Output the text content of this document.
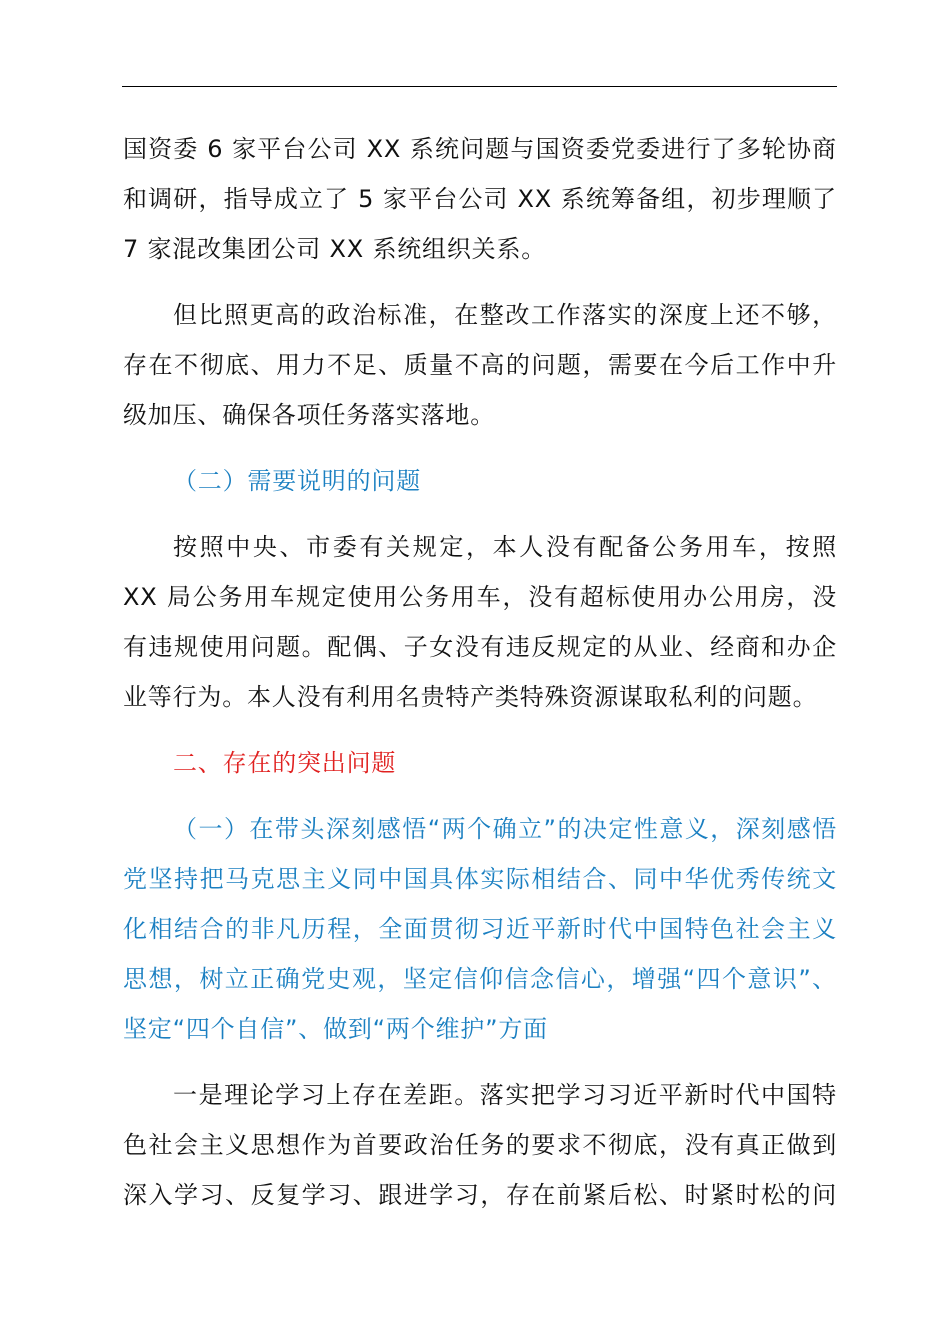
国资委 6 家平台公司 XX 系统问题与国资委党委进行了多轮协商
和调研，指导成立了 5 家平台公司 XX 系统筹备组，初步理顺了
7 家混改集团公司 XX 系统组织关系。
但比照更高的政治标准，在整改工作落实的深度上还不够，
存在不彻底、用力不足、质量不高的问题，需要在今后工作中升
级加压、确保各项任务落实落地。
（二）需要说明的问题
按照中央、市委有关规定，本人没有配备公务用车，按照
XX 局公务用车规定使用公务用车，没有超标使用办公用房，没
有违规使用问题。配偶、子女没有违反规定的从业、经商和办企
业等行为。本人没有利用名贵特产类特殊资源谋取私利的问题。
二、存在的突出问题
（一）在带头深刻感悟“两个确立”的决定性意义，深刻感悟
党坚持把马克思主义同中国具体实际相结合、同中华优秀传统文
化相结合的非凡历程，全面贯彻习近平新时代中国特色社会主义
思想，树立正确党史观，坚定信仰信念信心，增强“四个意识”、
坚定“四个自信”、做到“两个维护”方面
一是理论学习上存在差距。落实把学习习近平新时代中国特
色社会主义思想作为首要政治任务的要求不彻底，没有真正做到
深入学习、反复学习、跟进学习，存在前紧后松、时紧时松的问
